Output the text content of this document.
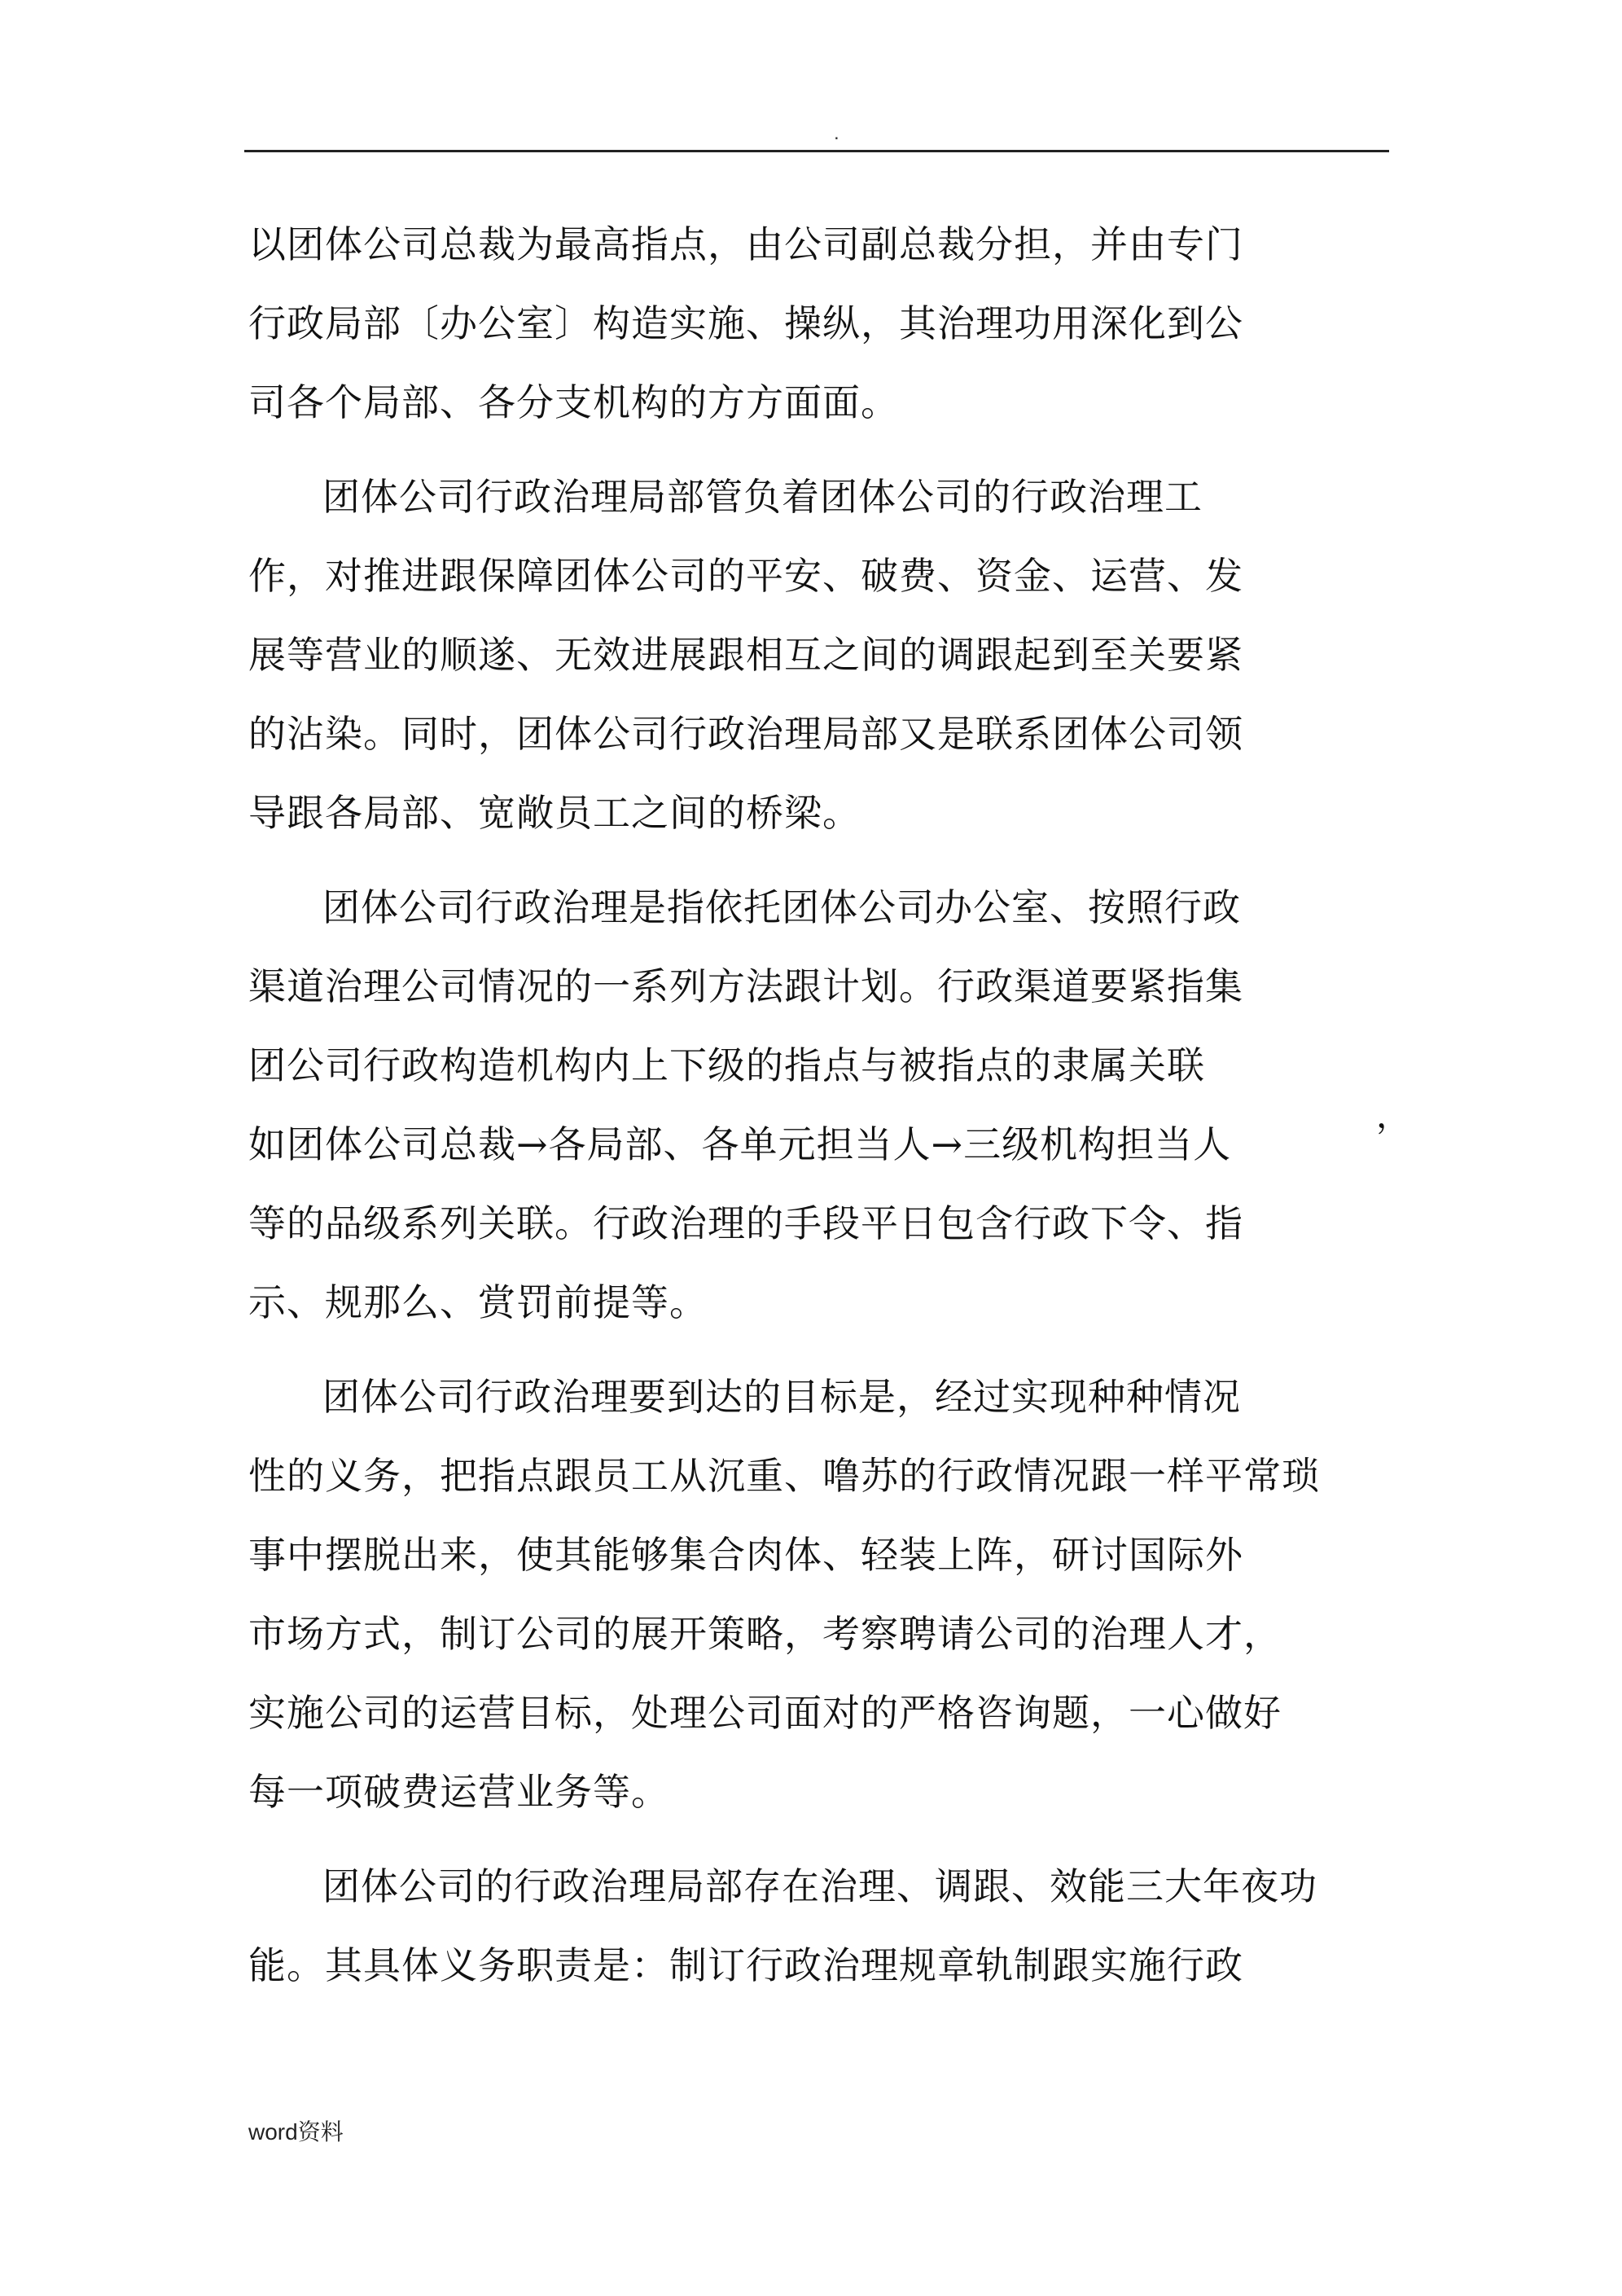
.
以团体公司总裁为最高指点，由公司副总裁分担，并由专门
行政局部〔办公室〕构造实施、操纵，其治理功用深化到公
司各个局部、各分支机构的方方面面。
团体公司行政治理局部管负着团体公司的行政治理工
作，对推进跟保障团体公司的平安、破费、资金、运营、发
展等营业的顺遂、无效进展跟相互之间的调跟起到至关要紧
的沾染。同时，团体公司行政治理局部又是联系团体公司领
导跟各局部、宽敞员工之间的桥梁。
团体公司行政治理是指依托团体公司办公室、按照行政
渠道治理公司情况的一系列方法跟计划。行政渠道要紧指集
团公司行政构造机构内上下级的指点与被指点的隶属关联
如团体公司总裁→各局部、各单元担当人→三级机构担当人
等的品级系列关联。行政治理的手段平日包含行政下令、指
示、规那么、赏罚前提等。
团体公司行政治理要到达的目标是，经过实现种种情况
性的义务，把指点跟员工从沉重、噜苏的行政情况跟一样平常琐
事中摆脱出来，使其能够集合肉体、轻装上阵，研讨国际外
市场方式，制订公司的展开策略，考察聘请公司的治理人才，
实施公司的运营目标，处理公司面对的严格咨询题，一心做好
每一项破费运营业务等。
团体公司的行政治理局部存在治理、调跟、效能三大年夜功
能。其具体义务职责是：制订行政治理规章轨制跟实施行政
，
word资料
